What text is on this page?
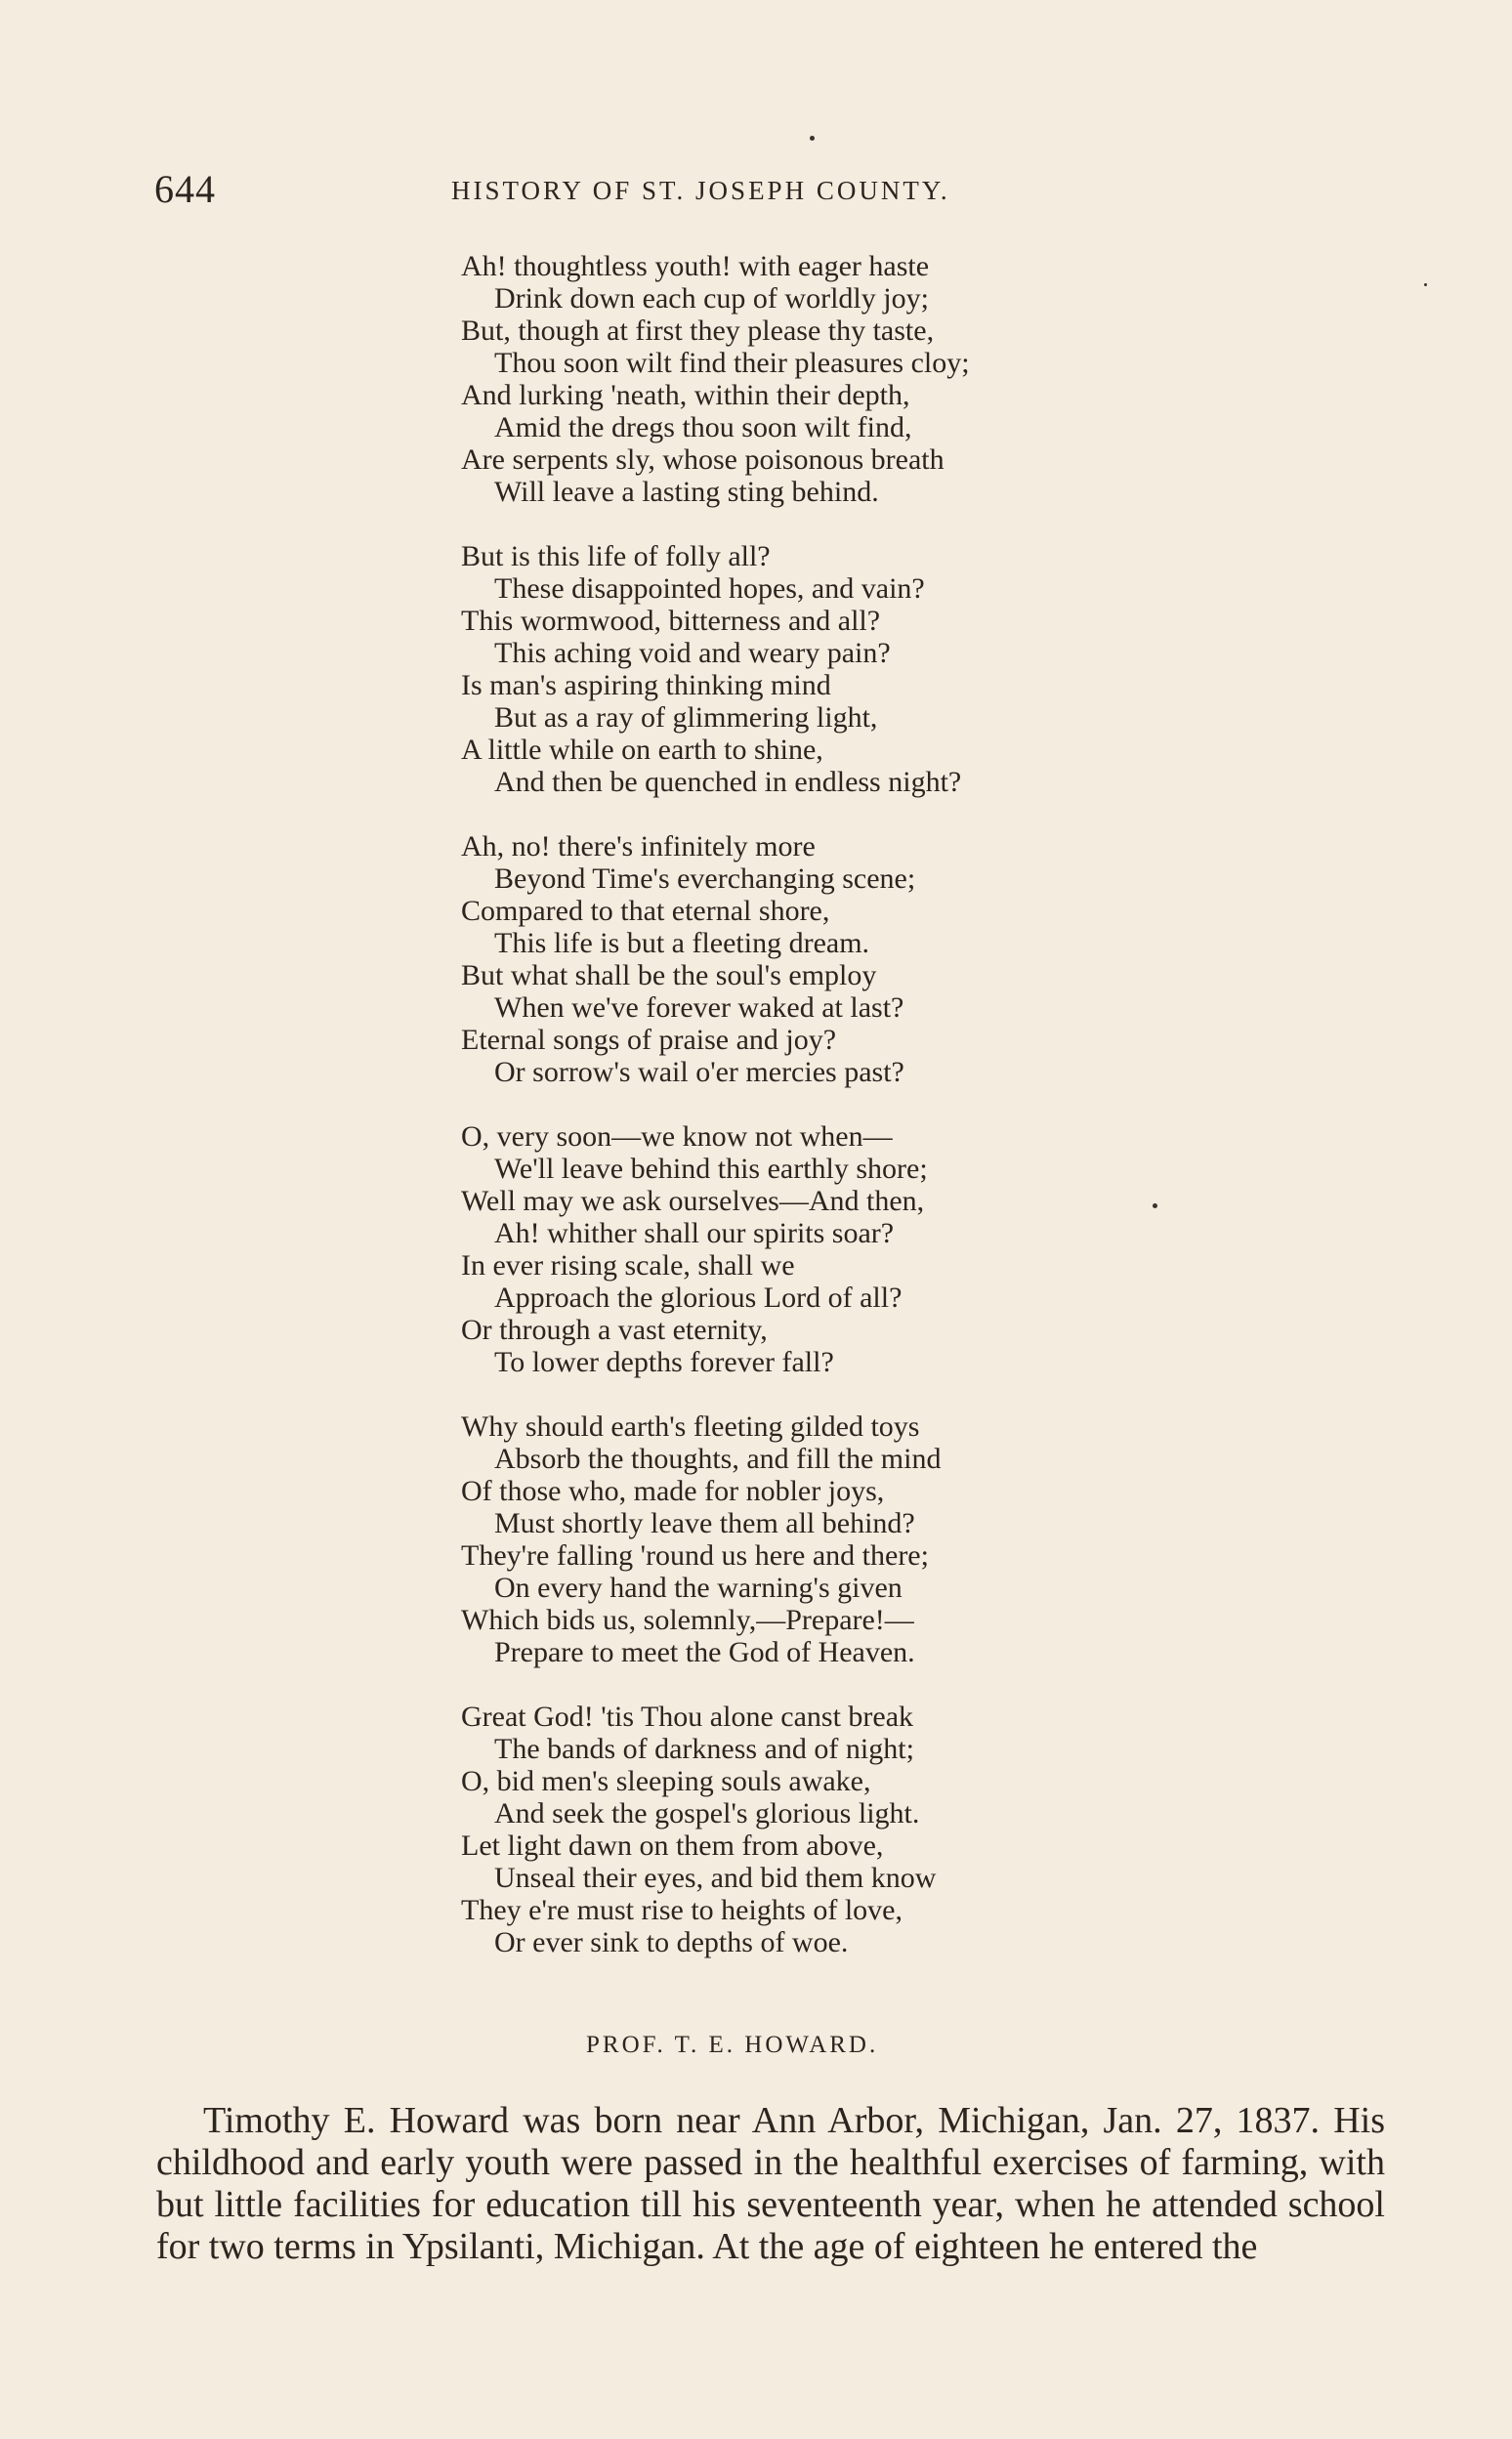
644	HISTORY OF ST. JOSEPH COUNTY.
Ah! thoughtless youth! with eager haste
Drink down each cup of worldly joy;
But, though at first they please thy taste,
Thou soon wilt find their pleasures cloy;
And lurking 'neath, within their depth,
Amid the dregs thou soon wilt find,
Are serpents sly, whose poisonous breath
Will leave a lasting sting behind.
But is this life of folly all?
These disappointed hopes, and vain?
This wormwood, bitterness and all?
This aching void and weary pain?
Is man's aspiring thinking mind
But as a ray of glimmering light,
A little while on earth to shine,
And then be quenched in endless night?
Ah, no! there's infinitely more
Beyond Time's everchanging scene;
Compared to that eternal shore,
This life is but a fleeting dream.
But what shall be the soul's employ
When we've forever waked at last?
Eternal songs of praise and joy?
Or sorrow's wail o'er mercies past?
O, very soon—we know not when—
We'll leave behind this earthly shore;
Well may we ask ourselves—And then,
Ah! whither shall our spirits soar?
In ever rising scale, shall we
Approach the glorious Lord of all?
Or through a vast eternity,
To lower depths forever fall?
Why should earth's fleeting gilded toys
Absorb the thoughts, and fill the mind
Of those who, made for nobler joys,
Must shortly leave them all behind?
They're falling 'round us here and there;
On every hand the warning's given
Which bids us, solemnly,—Prepare!—
Prepare to meet the God of Heaven.
Great God! 'tis Thou alone canst break
The bands of darkness and of night;
O, bid men's sleeping souls awake,
And seek the gospel's glorious light.
Let light dawn on them from above,
Unseal their eyes, and bid them know
They e're must rise to heights of love,
Or ever sink to depths of woe.
PROF. T. E. HOWARD.

Timothy E. Howard was born near Ann Arbor, Michigan, Jan. 27, 1837. His childhood and early youth were passed in the healthful exercises of farming, with but little facilities for education till his seventeenth year, when he attended school for two terms in Ypsilanti, Michigan. At the age of eighteen he entered the
